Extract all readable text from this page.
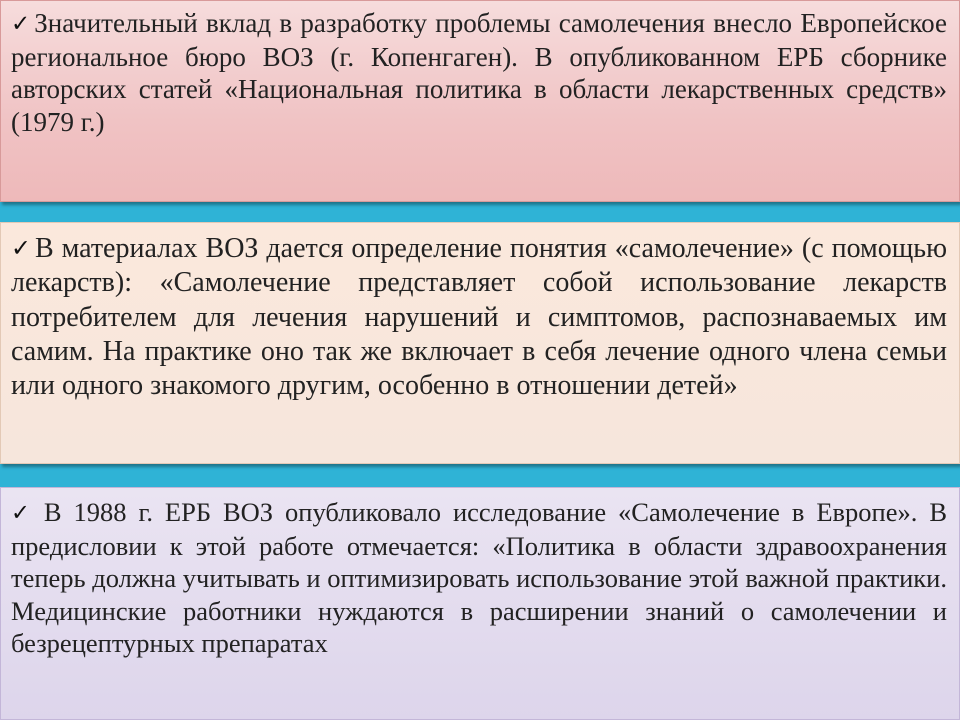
✓ Значительный вклад в разработку проблемы самолечения внесло Европейское региональное бюро ВОЗ (г. Копенгаген). В опубликованном ЕРБ сборнике авторских статей «Национальная политика в области лекарственных средств» (1979 г.)

✓ В материалах ВОЗ дается определение понятия «самолечение» (с помощью лекарств): «Самолечение представляет собой использование лекарств потребителем для лечения нарушений и симптомов, распознаваемых им самим. На практике оно так же включает в себя лечение одного члена семьи или одного знакомого другим, особенно в отношении детей»

✓ В 1988 г. ЕРБ ВОЗ опубликовало исследование «Самолечение в Европе». В предисловии к этой работе отмечается: «Политика в области здравоохранения теперь должна учитывать и оптимизировать использование этой важной практики. Медицинские работники нуждаются в расширении знаний о самолечении и безрецептурных препаратах
